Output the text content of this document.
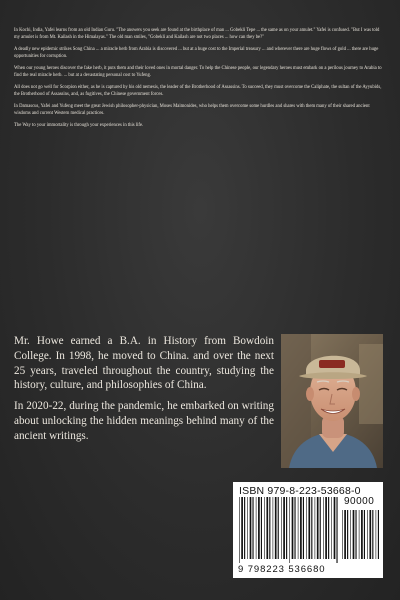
In Kochi, India, Yafei learns from an old Indian Guru. "The answers you seek are found at the birthplace of man ... Gobekli Tepe ... the same as on your amulet." Yafei is confused. "But I was told my amulet is from Mt. Kailash in the Himalayas." The old man smiles, "Gobekli and Kailash are not two places ... how can they be?"

A deadly new epidemic strikes Song China ... a miracle herb from Arabia is discovered ... but at a huge cost to the Imperial treasury ... and wherever there are huge flows of gold ... there are huge opportunities for corruption.

When our young heroes discover the fake herb, it puts them and their loved ones in mortal danger. To help the Chinese people, our legendary heroes must embark on a perilous journey to Arabia to find the real miracle herb. ... but at a devastating personal cost to Yufeng.

All does not go well for Scorpion either, as he is captured by his old nemesis, the leader of the Brotherhood of Assassins. To succeed, they must overcome the Caliphate, the sultan of the Ayyubids, the Brotherhood of Assassins, and, as fugitives, the Chinese government forces.

In Damascus, Yafei and Yufeng meet the great Jewish philosopher-physician, Moses Maimonides, who helps them overcome some hurdles and shares with them many of their shared ancient wisdoms and current Western medical practices.

The Way to your immortality is through your experiences in this life.

Mr. Howe earned a B.A. in History from Bowdoin College. In 1998, he moved to China. and over the next 25 years, traveled throughout the country, studying the history, culture, and philosophies of China.

In 2020-22, during the pandemic, he embarked on writing about unlocking the hidden meanings behind many of the ancient writings.

ISBN 979-8-223-53668-0
90000
9 798223 536680
